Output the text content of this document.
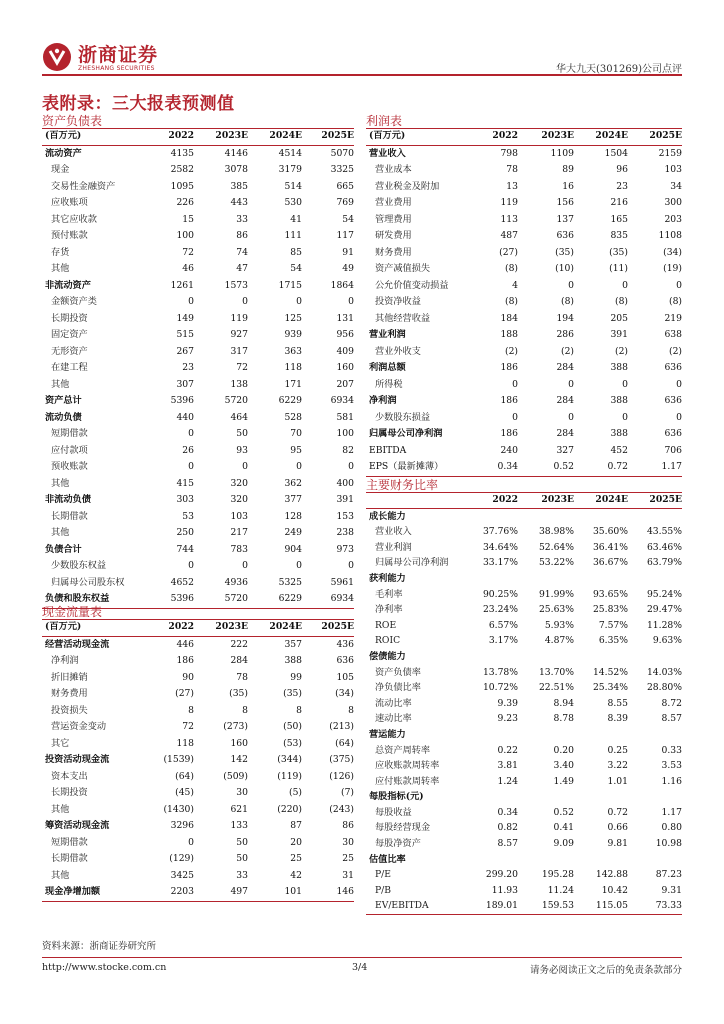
浙商证券
ZHESHANG SECURITIES	华大九天(301269)公司点评
表附录：三大报表预测值
资产负债表	利润表
现金流量表
主要财务比率
(百万元)	2022	2023E	2024E	2025E
流动资产	4135	4146	4514	5070
现金	2582	3078	3179	3325
交易性金融资产	1095	385	514	665
应收账项	226	443	530	769
其它应收款	15	33	41	54
预付账款	100	86	111	117
存货	72	74	85	91
其他	46	47	54	49
非流动资产	1261	1573	1715	1864
金额资产类	0	0	0	0
长期投资	149	119	125	131
固定资产	515	927	939	956
无形资产	267	317	363	409
在建工程	23	72	118	160
其他	307	138	171	207
资产总计	5396	5720	6229	6934
流动负债	440	464	528	581
短期借款	0	50	70	100
应付款项	26	93	95	82
预收账款	0	0	0	0
其他	415	320	362	400
非流动负债	303	320	377	391
长期借款	53	103	128	153
其他	250	217	249	238
负债合计	744	783	904	973
少数股东权益	0	0	0	0
归属母公司股东权	4652	4936	5325	5961
负债和股东权益	5396	5720	6229	6934
(百万元)	2022	2023E	2024E	2025E
营业收入	798	1109	1504	2159
营业成本	78	89	96	103
营业税金及附加	13	16	23	34
营业费用	119	156	216	300
管理费用	113	137	165	203
研发费用	487	636	835	1108
财务费用	(27)	(35)	(35)	(34)
资产减值损失	(8)	(10)	(11)	(19)
公允价值变动损益	4	0	0	0
投资净收益	(8)	(8)	(8)	(8)
其他经营收益	184	194	205	219
营业利润	188	286	391	638
营业外收支	(2)	(2)	(2)	(2)
利润总额	186	284	388	636
所得税	0	0	0	0
净利润	186	284	388	636
少数股东损益	0	0	0	0
归属母公司净利润	186	284	388	636
EBITDA	240	327	452	706
EPS（最新摊薄）	0.34	0.52	0.72	1.17
(百万元)	2022	2023E	2024E	2025E
经营活动现金流	446	222	357	436
净利润	186	284	388	636
折旧摊销	90	78	99	105
财务费用	(27)	(35)	(35)	(34)
投资损失	8	8	8	8
营运资金变动	72	(273)	(50)	(213)
其它	118	160	(53)	(64)
投资活动现金流	(1539)	142	(344)	(375)
资本支出	(64)	(509)	(119)	(126)
长期投资	(45)	30	(5)	(7)
其他	(1430)	621	(220)	(243)
筹资活动现金流	3296	133	87	86
短期借款	0	50	20	30
长期借款	(129)	50	25	25
其他	3425	33	42	31
现金净增加额	2203	497	101	146
	2022	2023E	2024E	2025E
成长能力				
营业收入	37.76%	38.98%	35.60%	43.55%
营业利润	34.64%	52.64%	36.41%	63.46%
归属母公司净利润	33.17%	53.22%	36.67%	63.79%
获利能力				
毛利率	90.25%	91.99%	93.65%	95.24%
净利率	23.24%	25.63%	25.83%	29.47%
ROE	6.57%	5.93%	7.57%	11.28%
ROIC	3.17%	4.87%	6.35%	9.63%
偿债能力				
资产负债率	13.78%	13.70%	14.52%	14.03%
净负债比率	10.72%	22.51%	25.34%	28.80%
流动比率	9.39	8.94	8.55	8.72
速动比率	9.23	8.78	8.39	8.57
营运能力				
总资产周转率	0.22	0.20	0.25	0.33
应收账款周转率	3.81	3.40	3.22	3.53
应付账款周转率	1.24	1.49	1.01	1.16
每股指标(元)				
每股收益	0.34	0.52	0.72	1.17
每股经营现金	0.82	0.41	0.66	0.80
每股净资产	8.57	9.09	9.81	10.98
估值比率				
P/E	299.20	195.28	142.88	87.23
P/B	11.93	11.24	10.42	9.31
EV/EBITDA	189.01	159.53	115.05	73.33
资料来源：浙商证券研究所
http://www.stocke.com.cn	3/4	请务必阅读正文之后的免责条款部分
